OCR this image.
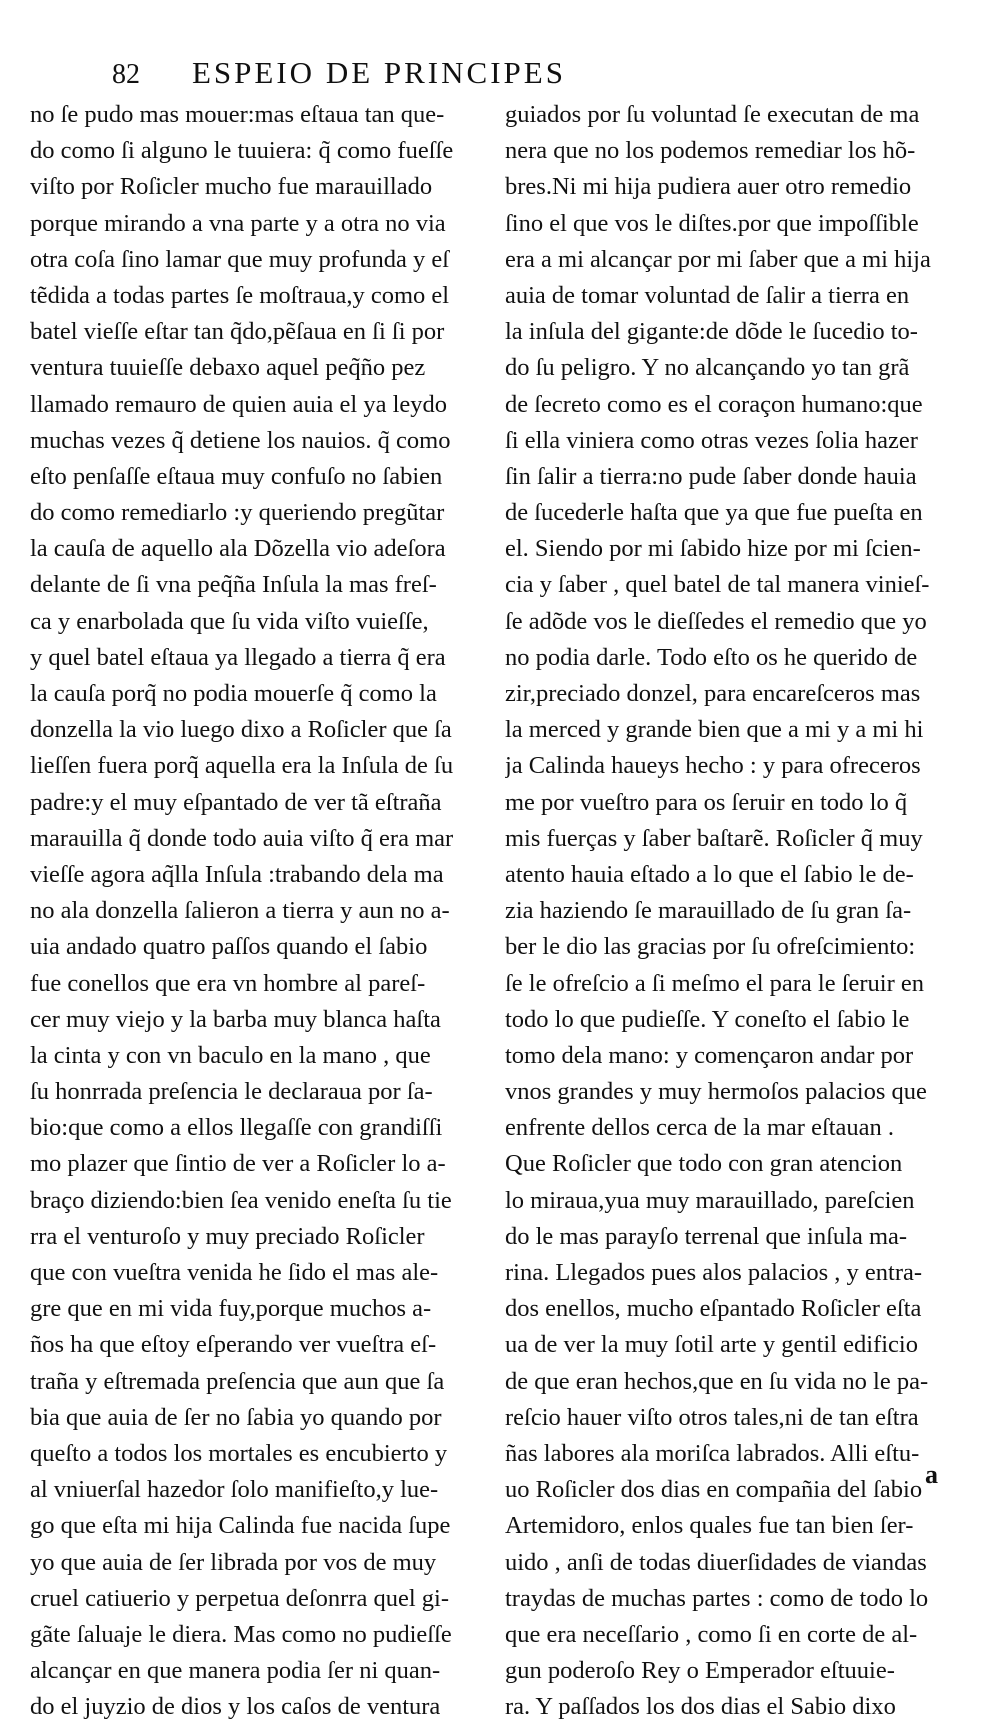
82 ESPEIO DE PRINCIPES
no ſe pudo mas mouer:mas eſtaua tan que-
do como ſi alguno le tuuiera: q̃ como fueſſe
viſto por Roſicler mucho fue marauillado
porque mirando a vna parte y a otra no via
otra coſa ſino lamar que muy profunda y eſ
tẽdida a todas partes ſe moſtraua,y como el
batel vieſſe eſtar tan q̃do,pẽſaua en ſi ſi por
ventura tuuieſſe debaxo aquel peq̃ño pez
llamado remauro de quien auia el ya leydo
muchas vezes q̃ detiene los nauios. q̃ como
eſto penſaſſe eſtaua muy confuſo no ſabien
do como remediarlo :y queriendo pregũtar
la cauſa de aquello ala Dõzella vio adeſora
delante de ſi vna peq̃ña Inſula la mas freſ-
ca y enarbolada que ſu vida viſto vuieſſe,
y quel batel eſtaua ya llegado a tierra q̃ era
la cauſa porq̃ no podia mouerſe q̃ como la
donzella la vio luego dixo a Roſicler que ſa
lieſſen fuera porq̃ aquella era la Inſula de ſu
padre:y el muy eſpantado de ver tã eſtraña
marauilla q̃ donde todo auia viſto q̃ era mar
vieſſe agora aq̃lla Inſula :trabando dela ma
no ala donzella ſalieron a tierra y aun no a-
uia andado quatro paſſos quando el ſabio
fue conellos que era vn hombre al pareſ-
cer muy viejo y la barba muy blanca haſta
la cinta y con vn baculo en la mano , que
ſu honrrada preſencia le declaraua por ſa-
bio:que como a ellos llegaſſe con grandiſſi
mo plazer que ſintio de ver a Roſicler lo a-
braço diziendo:bien ſea venido eneſta ſu tie
rra el venturoſo y muy preciado Roſicler
que con vueſtra venida he ſido el mas ale-
gre que en mi vida fuy,porque muchos a-
ños ha que eſtoy eſperando ver vueſtra eſ-
traña y eſtremada preſencia que aun que ſa
bia que auia de ſer no ſabia yo quando por
queſto a todos los mortales es encubierto y
al vniuerſal hazedor ſolo manifieſto,y lue-
go que eſta mi hija Calinda fue nacida ſupe
yo que auia de ſer librada por vos de muy
cruel catiuerio y perpetua deſonrra quel gi-
gãte ſaluaje le diera. Mas como no pudieſſe
alcançar en que manera podia ſer ni quan-
do el juyzio de dios y los caſos de ventura
guiados por ſu voluntad ſe executan de ma
nera que no los podemos remediar los hõ-
bres.Ni mi hija pudiera auer otro remedio
ſino el que vos le diſtes.por que impoſſible
era a mi alcançar por mi ſaber que a mi hija
auia de tomar voluntad de ſalir a tierra en
la inſula del gigante:de dõde le ſucedio to-
do ſu peligro. Y no alcançando yo tan grã
de ſecreto como es el coraçon humano:que
ſi ella viniera como otras vezes ſolia hazer
ſin ſalir a tierra:no pude ſaber donde hauia
de ſucederle haſta que ya que fue pueſta en
el. Siendo por mi ſabido hize por mi ſcien-
cia y ſaber , quel batel de tal manera vinieſ-
ſe adõde vos le dieſſedes el remedio que yo
no podia darle. Todo eſto os he querido de
zir,preciado donzel, para encareſceros mas
la merced y grande bien que a mi y a mi hi
ja Calinda haueys hecho : y para ofreceros
me por vueſtro para os ſeruir en todo lo q̃
mis fuerças y ſaber baſtarẽ. Roſicler q̃ muy
atento hauia eſtado a lo que el ſabio le de-
zia haziendo ſe marauillado de ſu gran ſa-
ber le dio las gracias por ſu ofreſcimiento:
ſe le ofreſcio a ſi meſmo el para le ſeruir en
todo lo que pudieſſe. Y coneſto el ſabio le
tomo dela mano: y començaron andar por
vnos grandes y muy hermoſos palacios que
enfrente dellos cerca de la mar eſtauan .
Que Roſicler que todo con gran atencion
lo miraua,yua muy marauillado, pareſcien
do le mas parayſo terrenal que inſula ma-
rina. Llegados pues alos palacios , y entra-
dos enellos, mucho eſpantado Roſicler eſta
ua de ver la muy ſotil arte y gentil edificio
de que eran hechos,que en ſu vida no le pa-
reſcio hauer viſto otros tales,ni de tan eſtra
ñas labores ala moriſca labrados. Alli eſtu-
uo Roſicler dos dias en compañia del ſabio
Artemidoro, enlos quales fue tan bien ſer-
uido , anſi de todas diuerſidades de viandas
traydas de muchas partes : como de todo lo
que era neceſſario , como ſi en corte de al-
gun poderoſo Rey o Emperador eſtuuie-
ra. Y paſſados los dos dias el Sabio dixo
a
